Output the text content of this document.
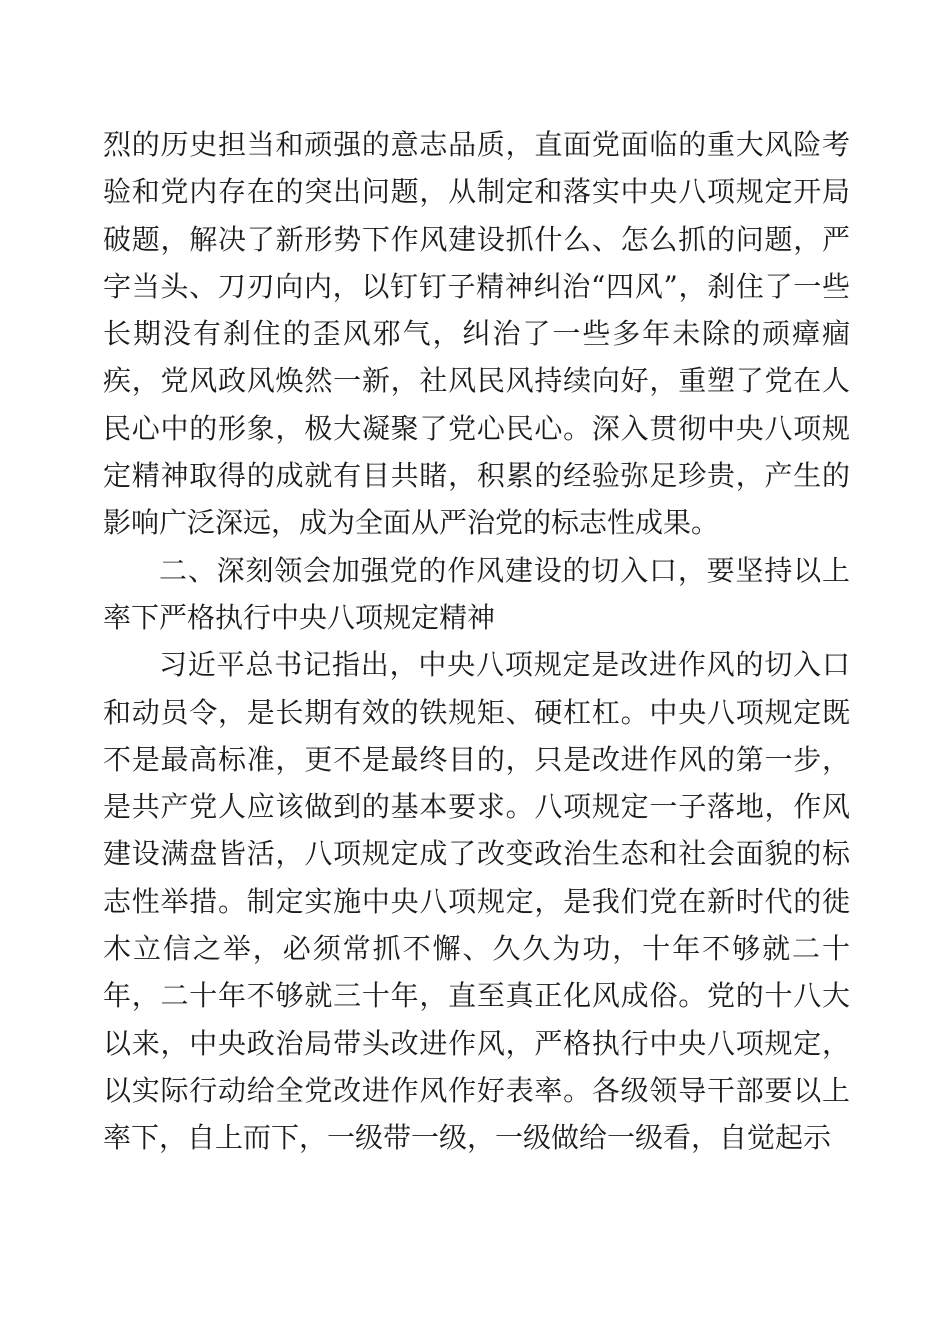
烈的历史担当和顽强的意志品质，直面党面临的重大风险考验和党内存在的突出问题，从制定和落实中央八项规定开局破题，解决了新形势下作风建设抓什么、怎么抓的问题，严字当头、刀刃向内，以钉钉子精神纠治“四风”，刹住了一些长期没有刹住的歪风邪气，纠治了一些多年未除的顽瘴痼疾，党风政风焕然一新，社风民风持续向好，重塑了党在人民心中的形象，极大凝聚了党心民心。深入贯彻中央八项规定精神取得的成就有目共睹，积累的经验弥足珍贵，产生的影响广泛深远，成为全面从严治党的标志性成果。

二、深刻领会加强党的作风建设的切入口，要坚持以上率下严格执行中央八项规定精神

习近平总书记指出，中央八项规定是改进作风的切入口和动员令，是长期有效的铁规矩、硬杠杠。中央八项规定既不是最高标准，更不是最终目的，只是改进作风的第一步，是共产党人应该做到的基本要求。八项规定一子落地，作风建设满盘皆活，八项规定成了改变政治生态和社会面貌的标志性举措。制定实施中央八项规定，是我们党在新时代的徙木立信之举，必须常抓不懈、久久为功，十年不够就二十年，二十年不够就三十年，直至真正化风成俗。党的十八大以来，中央政治局带头改进作风，严格执行中央八项规定，以实际行动给全党改进作风作好表率。各级领导干部要以上率下，自上而下，一级带一级，一级做给一级看，自觉起示
